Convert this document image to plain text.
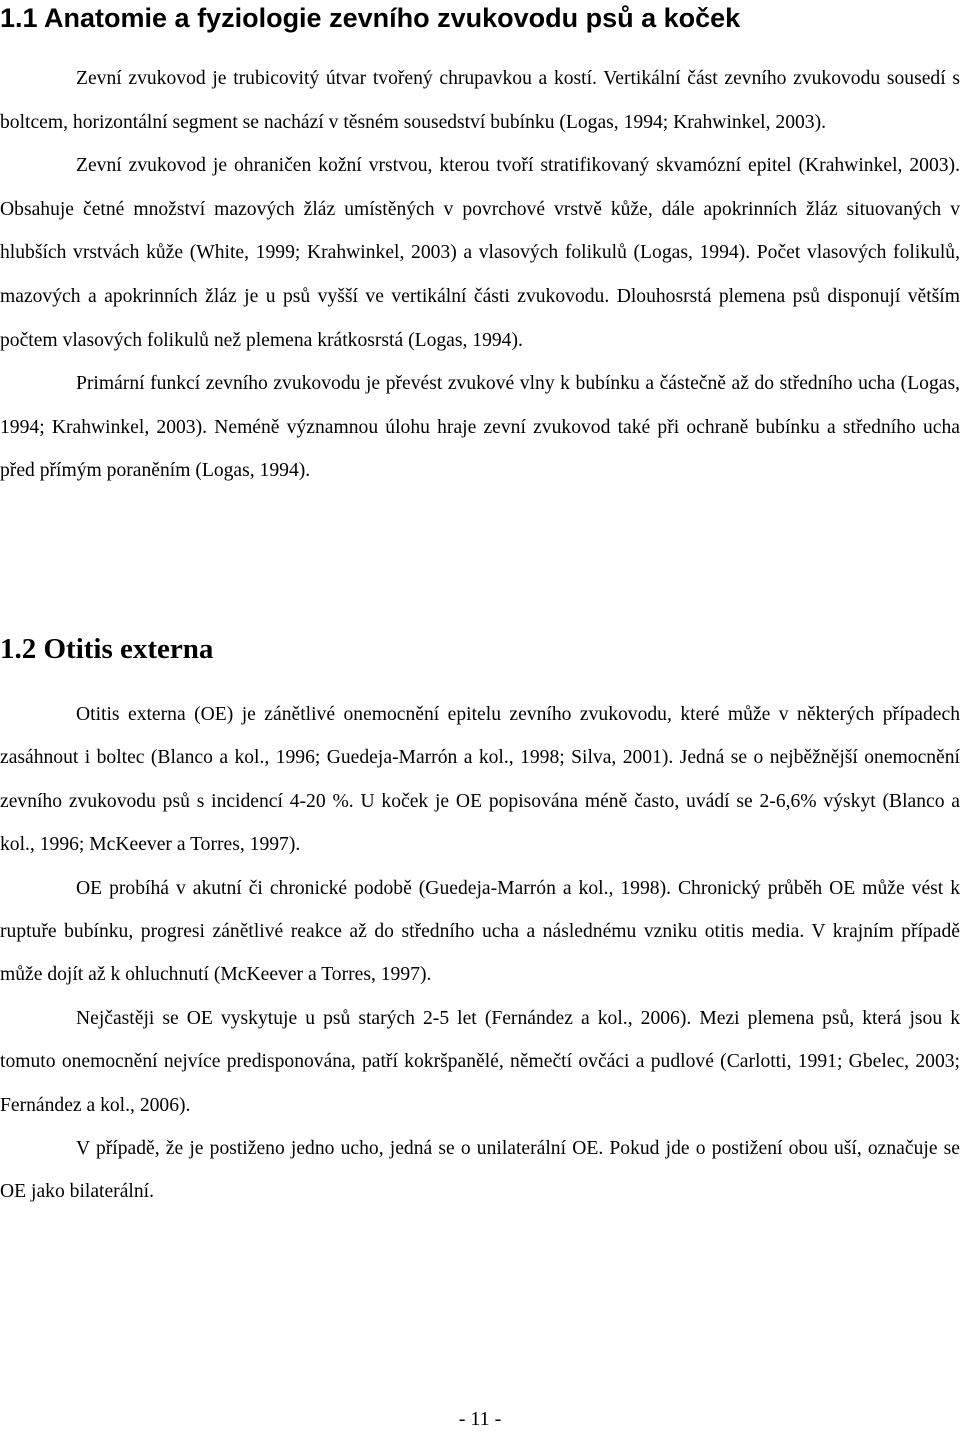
1.1 Anatomie a fyziologie zevního zvukovodu psů a koček

Zevní zvukovod je trubicovitý útvar tvořený chrupavkou a kostí. Vertikální část zevního zvukovodu sousedí s boltcem, horizontální segment se nachází v těsném sousedství bubínku (Logas, 1994; Krahwinkel, 2003).

Zevní zvukovod je ohraničen kožní vrstvou, kterou tvoří stratifikovaný skvamózní epitel (Krahwinkel, 2003). Obsahuje četné množství mazových žláz umístěných v povrchové vrstvě kůže, dále apokrinních žláz situovaných v hlubších vrstvách kůže (White, 1999; Krahwinkel, 2003) a vlasových folikulů (Logas, 1994). Počet vlasových folikulů, mazových a apokrinních žláz je u psů vyšší ve vertikální části zvukovodu. Dlouhosrstá plemena psů disponují větším počtem vlasových folikulů než plemena krátkosrstá (Logas, 1994).

Primární funkcí zevního zvukovodu je převést zvukové vlny k bubínku a částečně až do středního ucha (Logas, 1994; Krahwinkel, 2003). Neméně významnou úlohu hraje zevní zvukovod také při ochraně bubínku a středního ucha před přímým poraněním (Logas, 1994).

1.2 Otitis externa

Otitis externa (OE) je zánětlivé onemocnění epitelu zevního zvukovodu, které může v některých případech zasáhnout i boltec (Blanco a kol., 1996; Guedeja-Marrón a kol., 1998; Silva, 2001). Jedná se o nejběžnější onemocnění zevního zvukovodu psů s incidencí 4-20 %. U koček je OE popisována méně často, uvádí se 2-6,6% výskyt (Blanco a kol., 1996; McKeever a Torres, 1997).

OE probíhá v akutní či chronické podobě (Guedeja-Marrón a kol., 1998). Chronický průběh OE může vést k ruptuře bubínku, progresi zánětlivé reakce až do středního ucha a následnému vzniku otitis media. V krajním případě může dojít až k ohluchnutí (McKeever a Torres, 1997).

Nejčastěji se OE vyskytuje u psů starých 2-5 let (Fernández a kol., 2006). Mezi plemena psů, která jsou k tomuto onemocnění nejvíce predisponována, patří kokršpanělé, němečtí ovčáci a pudlové (Carlotti, 1991; Gbelec, 2003; Fernández a kol., 2006).

V případě, že je postiženo jedno ucho, jedná se o unilaterální OE. Pokud jde o postižení obou uší, označuje se OE jako bilaterální.

- 11 -
